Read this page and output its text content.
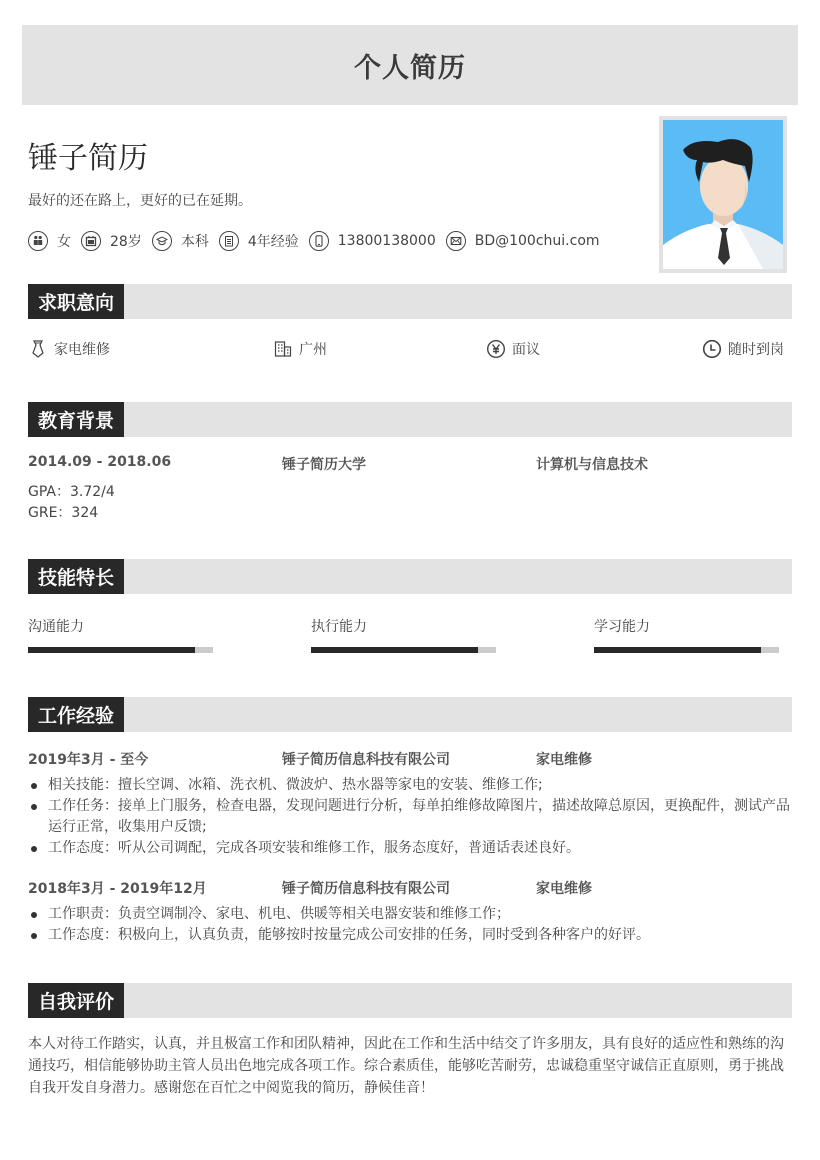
个人简历
锤子简历
最好的还在路上，更好的已在延期。
女	28岁	本科	4年经验	13800138000	BD@100chui.com
求职意向
家电维修	广州	面议	随时到岗
教育背景
2014.09 - 2018.06	锤子简历大学	计算机与信息技术
GPA：3.72/4
GRE：324
技能特长
沟通能力	执行能力	学习能力
工作经验
2019年3月 - 至今	锤子简历信息科技有限公司	家电维修
相关技能：擅长空调、冰箱、洗衣机、微波炉、热水器等家电的安装、维修工作;
工作任务：接单上门服务，检查电器，发现问题进行分析，每单拍维修故障图片，描述故障总原因，更换配件，测试产品运行正常，收集用户反馈;
工作态度：听从公司调配，完成各项安装和维修工作，服务态度好，普通话表述良好。
2018年3月 - 2019年12月	锤子简历信息科技有限公司	家电维修
工作职责：负责空调制冷、家电、机电、供暖等相关电器安装和维修工作；
工作态度：积极向上，认真负责，能够按时按量完成公司安排的任务，同时受到各种客户的好评。
自我评价
本人对待工作踏实，认真，并且极富工作和团队精神，因此在工作和生活中结交了许多朋友，具有良好的适应性和熟练的沟通技巧，相信能够协助主管人员出色地完成各项工作。综合素质佳，能够吃苦耐劳，忠诚稳重坚守诚信正直原则，勇于挑战自我开发自身潜力。感谢您在百忙之中阅览我的简历，静候佳音！
